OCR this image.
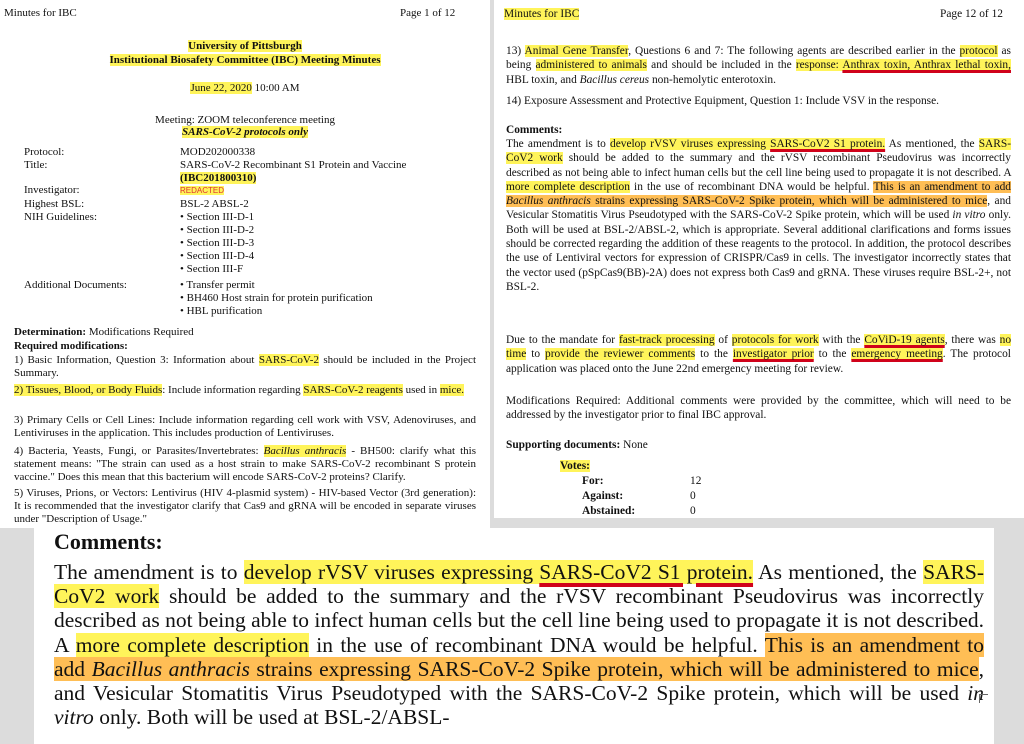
Minutes for IBC	Page 1 of 12
University of Pittsburgh
Institutional Biosafety Committee (IBC) Meeting Minutes
June 22, 2020 10:00 AM
Meeting: ZOOM teleconference meeting
SARS-CoV-2 protocols only
Protocol:	MOD202000338
Title:	SARS-CoV-2 Recombinant S1 Protein and Vaccine
(IBC201800310)
Investigator:	REDACTED
Highest BSL:	BSL-2 ABSL-2
NIH Guidelines:	• Section III-D-1
• Section III-D-2
• Section III-D-3
• Section III-D-4
• Section III-F
Additional Documents:	• Transfer permit
• BH460 Host strain for protein purification
• HBL purification
Determination: Modifications Required
Required modifications:
1) Basic Information, Question 3: Information about SARS-CoV-2 should be included in the Project Summary.
2) Tissues, Blood, or Body Fluids: Include information regarding SARS-CoV-2 reagents used in mice.
3) Primary Cells or Cell Lines: Include information regarding cell work with VSV, Adenoviruses, and Lentiviruses in the application. This includes production of Lentiviruses.
4) Bacteria, Yeasts, Fungi, or Parasites/Invertebrates: Bacillus anthracis - BH500: clarify what this statement means: "The strain can used as a host strain to make SARS-CoV-2 recombinant S protein vaccine." Does this mean that this bacterium will encode SARS-CoV-2 proteins? Clarify.
5) Viruses, Prions, or Vectors: Lentivirus (HIV 4-plasmid system) - HIV-based Vector (3rd generation): It is recommended that the investigator clarify that Cas9 and gRNA will be encoded in separate viruses under "Description of Usage."
Minutes for IBC	Page 12 of 12
13) Animal Gene Transfer, Questions 6 and 7: The following agents are described earlier in the protocol as being administered to animals and should be included in the response: Anthrax toxin, Anthrax lethal toxin, HBL toxin, and Bacillus cereus non-hemolytic enterotoxin.
14) Exposure Assessment and Protective Equipment, Question 1: Include VSV in the response.
Comments:
The amendment is to develop rVSV viruses expressing SARS-CoV2 S1 protein. As mentioned, the SARS-CoV2 work should be added to the summary and the rVSV recombinant Pseudovirus was incorrectly described as not being able to infect human cells but the cell line being used to propagate it is not described. A more complete description in the use of recombinant DNA would be helpful. This is an amendment to add Bacillus anthracis strains expressing SARS-CoV-2 Spike protein, which will be administered to mice, and Vesicular Stomatitis Virus Pseudotyped with the SARS-CoV-2 Spike protein, which will be used in vitro only. Both will be used at BSL-2/ABSL-2, which is appropriate. Several additional clarifications and forms issues should be corrected regarding the addition of these reagents to the protocol. In addition, the protocol describes the use of Lentiviral vectors for expression of CRISPR/Cas9 in cells. The investigator incorrectly states that the vector used (pSpCas9(BB)-2A) does not express both Cas9 and gRNA. These viruses require BSL-2+, not BSL-2.
Due to the mandate for fast-track processing of protocols for work with the CoViD-19 agents, there was no time to provide the reviewer comments to the investigator prior to the emergency meeting. The protocol application was placed onto the June 22nd emergency meeting for review.
Modifications Required: Additional comments were provided by the committee, which will need to be addressed by the investigator prior to final IBC approval.
Supporting documents: None
Votes:
For:	12
Against:	0
Abstained:	0
Comments:
The amendment is to develop rVSV viruses expressing SARS-CoV2 S1 protein. As mentioned, the SARS-CoV2 work should be added to the summary and the rVSV recombinant Pseudovirus was incorrectly described as not being able to infect human cells but the cell line being used to propagate it is not described. A more complete description in the use of recombinant DNA would be helpful. This is an amendment to add Bacillus anthracis strains expressing SARS-CoV-2 Spike protein, which will be administered to mice, and Vesicular Stomatitis Virus Pseudotyped with the SARS-CoV-2 Spike protein, which will be used in vitro only. Both will be used at BSL-2/ABSL-
